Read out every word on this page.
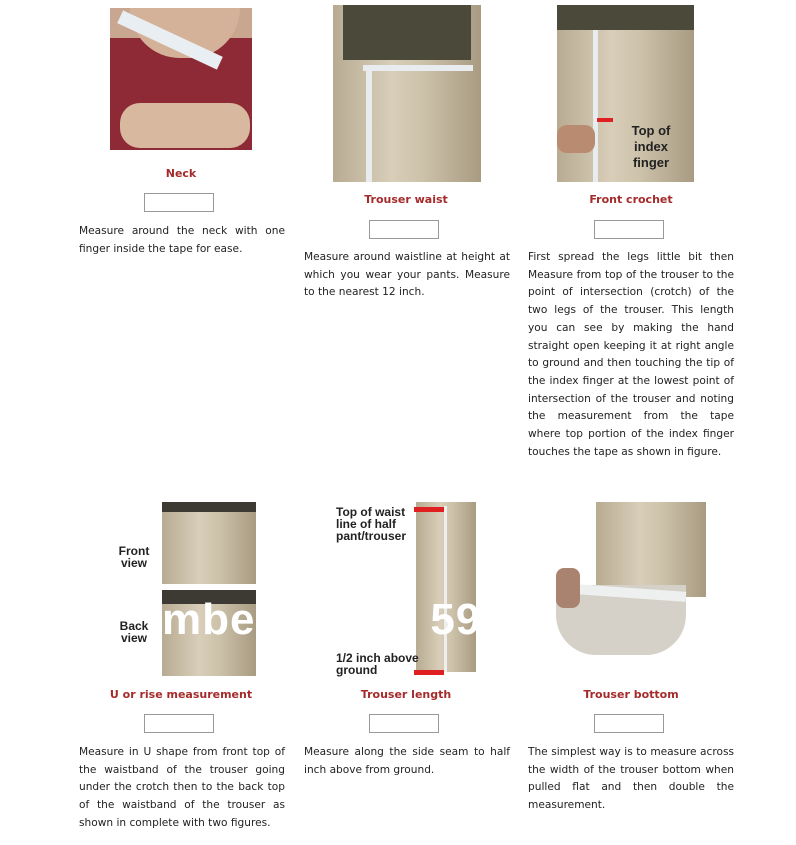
Top of index finger
Front view
Back view
Top of waist line of half pant/trouser
1/2 inch above ground
mber    15    59352
Neck
Trouser waist	Front crochet
U or rise measurement	Trouser length	Trouser bottom
Measure around the neck with one finger inside the tape for ease.
Measure around waistline at height at which you wear your pants. Measure to the nearest 12 inch.
First spread the legs little bit then Measure from top of the trouser to the point of intersection (crotch) of the two legs of the trouser. This length you can see by making the hand straight open keeping it at right angle to ground and then touching the tip of the index finger at the lowest point of intersection of the trouser and noting the measurement from the tape where top portion of the index finger touches the tape as shown in figure.
Measure in U shape from front top of the waistband of the trouser going under the crotch then to the back top of the waistband of the trouser as shown in complete with two figures.
Measure along the side seam to half inch above from ground.
The simplest way is to measure across the width of the trouser bottom when pulled flat and then double the measurement.
